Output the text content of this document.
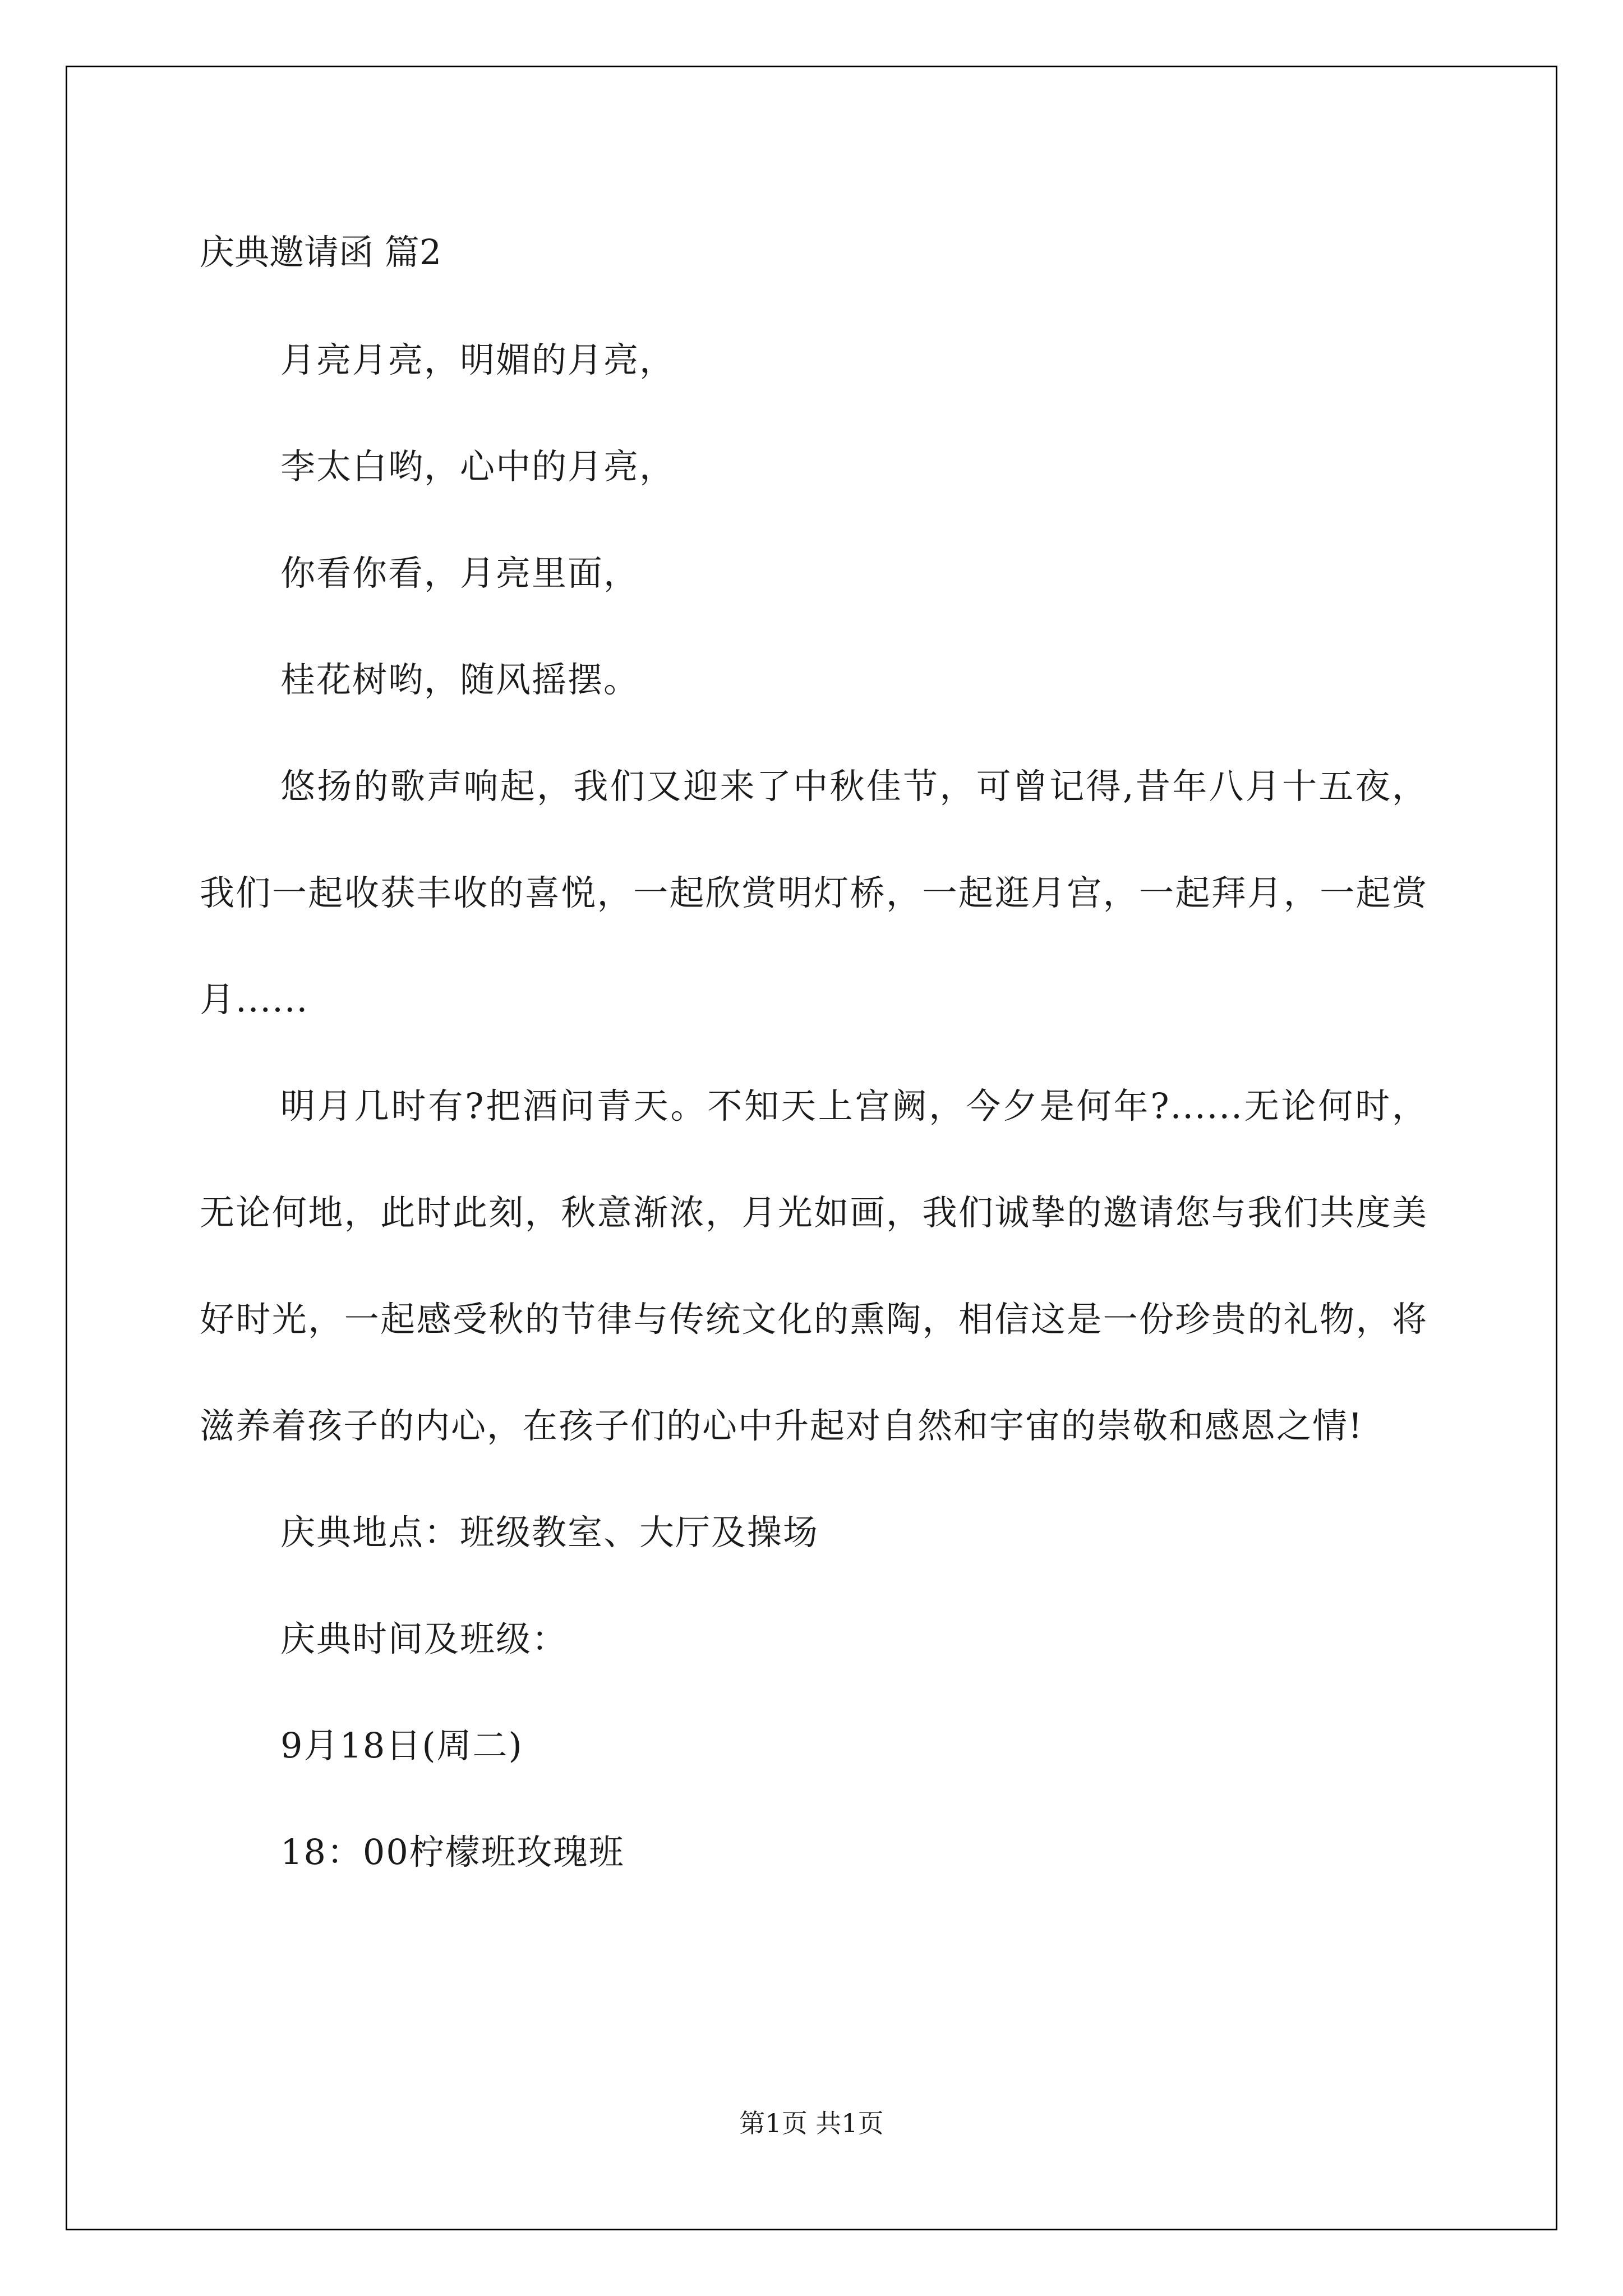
庆典邀请函 篇2

月亮月亮，明媚的月亮，

李太白哟，心中的月亮，

你看你看，月亮里面，

桂花树哟，随风摇摆。

悠扬的歌声响起，我们又迎来了中秋佳节，可曾记得,昔年八月十五夜，我们一起收获丰收的喜悦，一起欣赏明灯桥，一起逛月宫，一起拜月，一起赏月......

明月几时有?把酒问青天。不知天上宫阙，今夕是何年?......无论何时，无论何地，此时此刻，秋意渐浓，月光如画，我们诚挚的邀请您与我们共度美好时光，一起感受秋的节律与传统文化的熏陶，相信这是一份珍贵的礼物，将滋养着孩子的内心，在孩子们的心中升起对自然和宇宙的崇敬和感恩之情!

庆典地点：班级教室、大厅及操场

庆典时间及班级：

9月18日(周二)

18：00柠檬班玫瑰班

第1页 共1页
